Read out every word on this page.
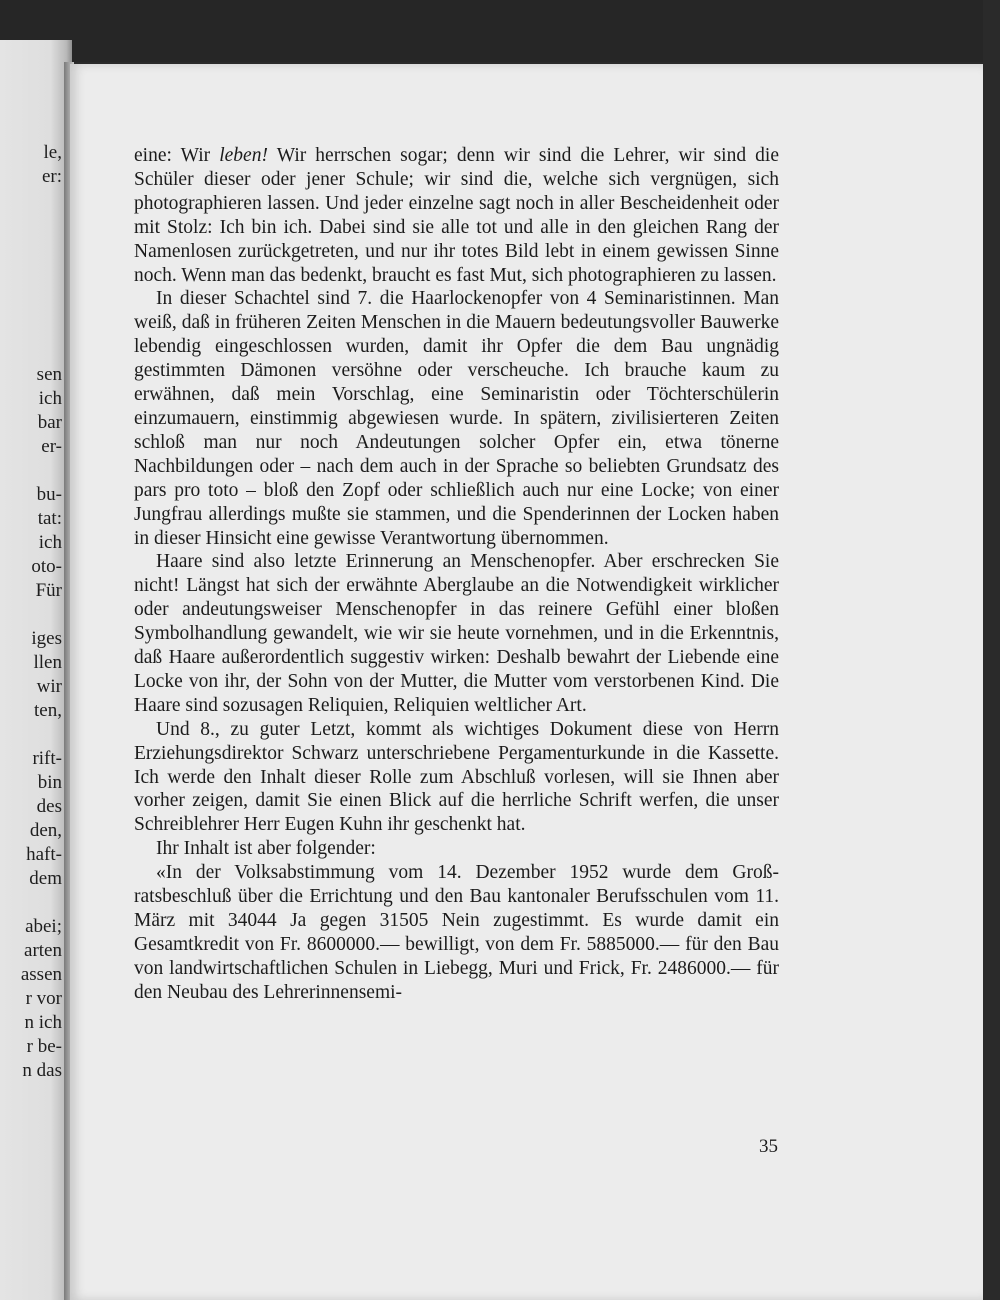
le,
er:
sen
ich
bar
er-
bu-
tat:
ich
oto-
Für
iges
llen
wir
ten,
rift-
bin
des
den,
haft-
dem
abei;
arten
assen
r vor
n ich
r be-
n das

eine: Wir leben! Wir herrschen sogar; denn wir sind die Lehrer, wir sind die Schüler dieser oder jener Schule; wir sind die, welche sich vergnügen, sich photographieren lassen. Und jeder einzelne sagt noch in aller Bescheidenheit oder mit Stolz: Ich bin ich. Dabei sind sie alle tot und alle in den gleichen Rang der Namenlosen zurückgetreten, und nur ihr totes Bild lebt in einem gewissen Sinne noch. Wenn man das bedenkt, braucht es fast Mut, sich photographieren zu lassen.

In dieser Schachtel sind 7. die Haarlockenopfer von 4 Seminaristinnen. Man weiß, daß in früheren Zeiten Menschen in die Mauern bedeutungsvoller Bauwerke lebendig eingeschlossen wurden, damit ihr Opfer die dem Bau ungnädig gestimmten Dämonen versöhne oder verscheuche. Ich brauche kaum zu erwähnen, daß mein Vorschlag, eine Seminaristin oder Töchterschülerin einzumauern, einstimmig abgewiesen wurde. In spätern, zivilisierteren Zeiten schloß man nur noch Andeutungen solcher Opfer ein, etwa tönerne Nachbildungen oder – nach dem auch in der Sprache so beliebten Grundsatz des pars pro toto – bloß den Zopf oder schließlich auch nur eine Locke; von einer Jungfrau allerdings mußte sie stammen, und die Spenderinnen der Locken haben in dieser Hinsicht eine gewisse Verantwortung übernommen.

Haare sind also letzte Erinnerung an Menschenopfer. Aber erschrecken Sie nicht! Längst hat sich der erwähnte Aberglaube an die Notwendigkeit wirklicher oder andeutungsweiser Menschenopfer in das reinere Gefühl einer bloßen Symbolhandlung gewandelt, wie wir sie heute vornehmen, und in die Erkenntnis, daß Haare außerordentlich suggestiv wirken: Deshalb bewahrt der Liebende eine Locke von ihr, der Sohn von der Mutter, die Mutter vom verstorbenen Kind. Die Haare sind sozusagen Reliquien, Reliquien weltlicher Art.

Und 8., zu guter Letzt, kommt als wichtiges Dokument diese von Herrn Erziehungsdirektor Schwarz unterschriebene Pergamenturkunde in die Kassette. Ich werde den Inhalt dieser Rolle zum Abschluß vorlesen, will sie Ihnen aber vorher zeigen, damit Sie einen Blick auf die herrliche Schrift werfen, die unser Schreiblehrer Herr Eugen Kuhn ihr geschenkt hat.

Ihr Inhalt ist aber folgender:

«In der Volksabstimmung vom 14. Dezember 1952 wurde dem Großratsbeschluß über die Errichtung und den Bau kantonaler Berufsschulen vom 11. März mit 34044 Ja gegen 31505 Nein zugestimmt. Es wurde damit ein Gesamtkredit von Fr. 8600000.— bewilligt, von dem Fr. 5885000.— für den Bau von landwirtschaftlichen Schulen in Liebegg, Muri und Frick, Fr. 2486000.— für den Neubau des Lehrerinnensemi-

35
